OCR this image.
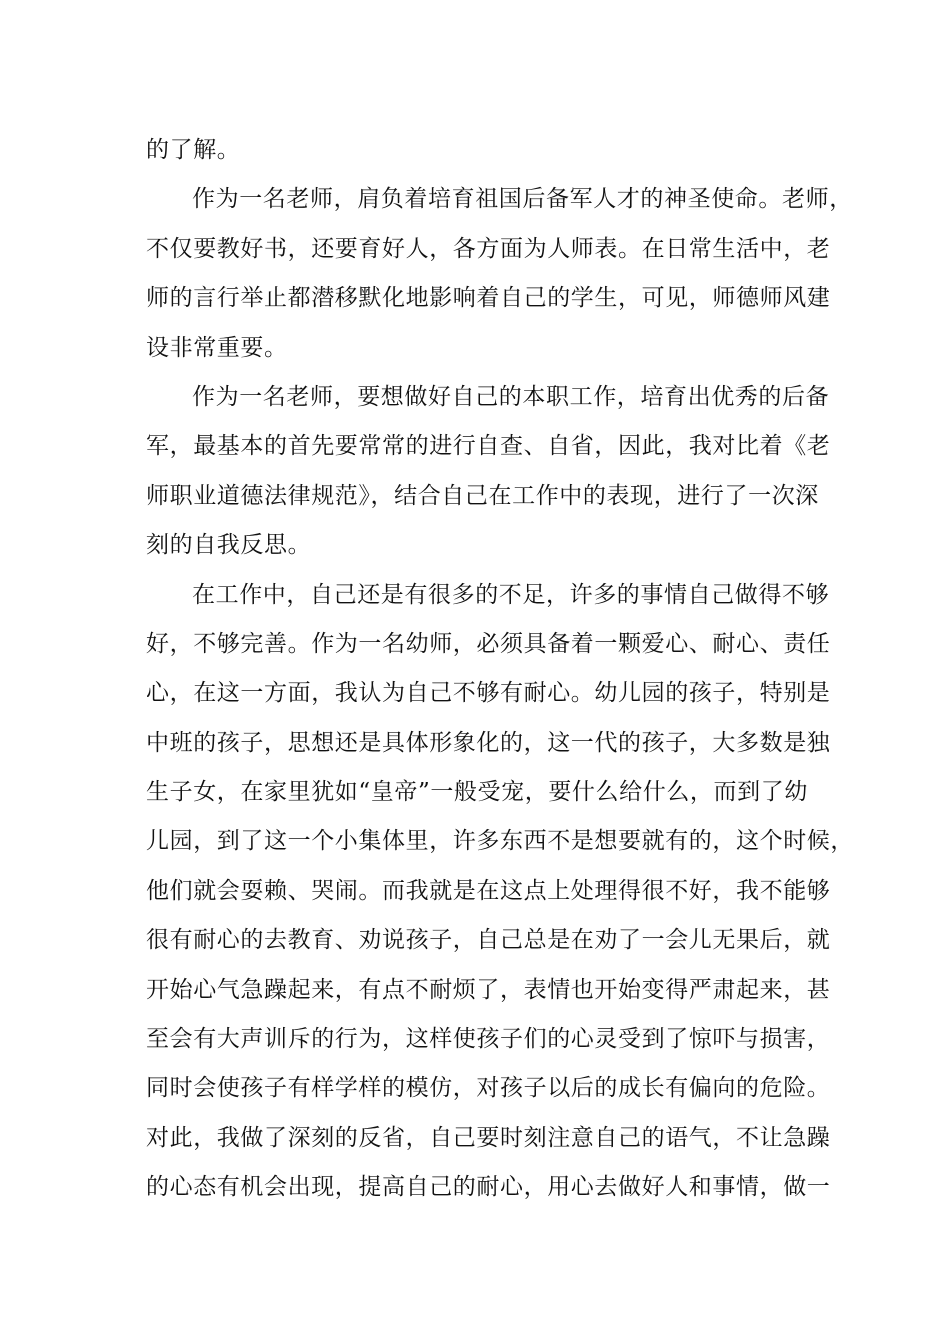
的了解。
作为一名老师，肩负着培育祖国后备军人才的神圣使命。老师，
不仅要教好书，还要育好人，各方面为人师表。在日常生活中，老
师的言行举止都潜移默化地影响着自己的学生，可见，师德师风建
设非常重要。
作为一名老师，要想做好自己的本职工作，培育出优秀的后备
军，最基本的首先要常常的进行自查、自省，因此，我对比着《老
师职业道德法律规范》，结合自己在工作中的表现，进行了一次深
刻的自我反思。
在工作中，自己还是有很多的不足，许多的事情自己做得不够
好，不够完善。作为一名幼师，必须具备着一颗爱心、耐心、责任
心，在这一方面，我认为自己不够有耐心。幼儿园的孩子，特别是
中班的孩子，思想还是具体形象化的，这一代的孩子，大多数是独
生子女，在家里犹如“皇帝”一般受宠，要什么给什么，而到了幼
儿园，到了这一个小集体里，许多东西不是想要就有的，这个时候，
他们就会耍赖、哭闹。而我就是在这点上处理得很不好，我不能够
很有耐心的去教育、劝说孩子，自己总是在劝了一会儿无果后，就
开始心气急躁起来，有点不耐烦了，表情也开始变得严肃起来，甚
至会有大声训斥的行为，这样使孩子们的心灵受到了惊吓与损害，
同时会使孩子有样学样的模仿，对孩子以后的成长有偏向的危险。
对此，我做了深刻的反省，自己要时刻注意自己的语气，不让急躁
的心态有机会出现，提高自己的耐心，用心去做好人和事情，做一
